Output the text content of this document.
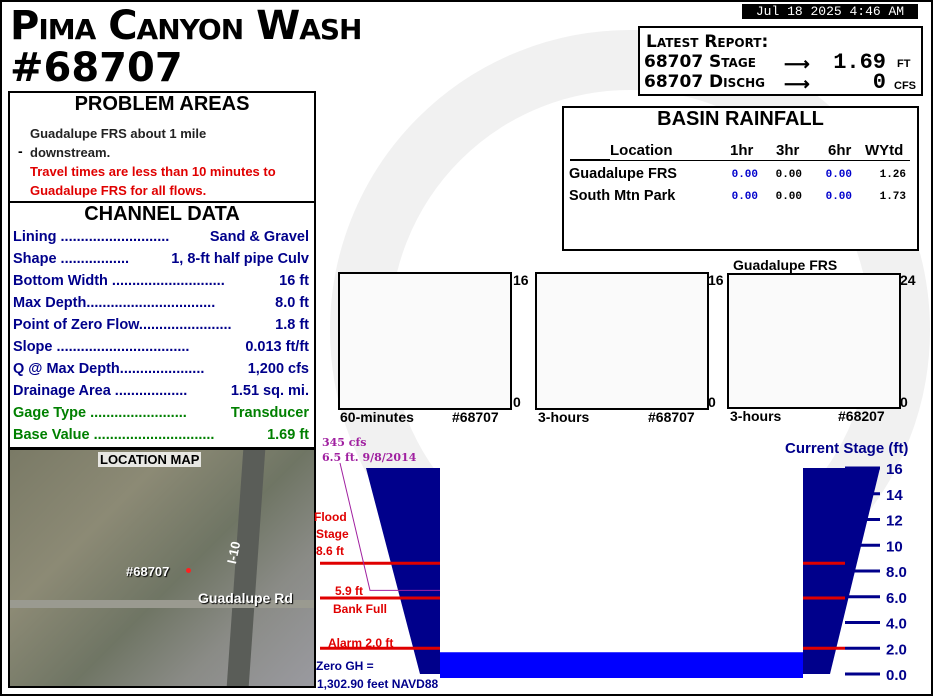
Pima Canyon Wash
#68707
Jul 18 2025 4:46 AM
Latest Report:
68707 Stage ⟶	1.69 FT
68707 Dischg ⟶	0 CFS
PROBLEM AREAS
-
Guadalupe FRS about 1 mile
downstream.
Travel times are less than 10 minutes to
Guadalupe FRS for all flows.
CHANNEL DATA
Lining ...........................	Sand & Gravel
Shape .................	1, 8-ft half pipe Culv
Bottom Width ............................	16 ft
Max Depth................................	8.0 ft
Point of Zero Flow.......................	1.8 ft
Slope .................................	0.013 ft/ft
Q @ Max Depth.....................	1,200 cfs
Drainage Area ..................	1.51 sq. mi.
Gage Type ........................	Transducer
Base Value ..............................	1.69 ft
LOCATION MAP
#68707
Guadalupe Rd
I-10
BASIN RAINFALL
Location	1hr 3hr 6hr WYtd
Guadalupe FRS	0.00	0.00	0.00	1.26
South Mtn Park	0.00	0.00	0.00	1.73
16
0
60-minutes	#68707
16
0
3-hours	#68707
Guadalupe FRS
24
0
3-hours	#68207
Current Stage (ft)
16
14
12
10
8.0
6.0
4.0
2.0
0.0
345 cfs
6.5 ft. 9/8/2014
Flood
Stage
8.6 ft
5.9 ft
Bank Full
Alarm 2.0 ft
Zero GH =
1,302.90 feet NAVD88
